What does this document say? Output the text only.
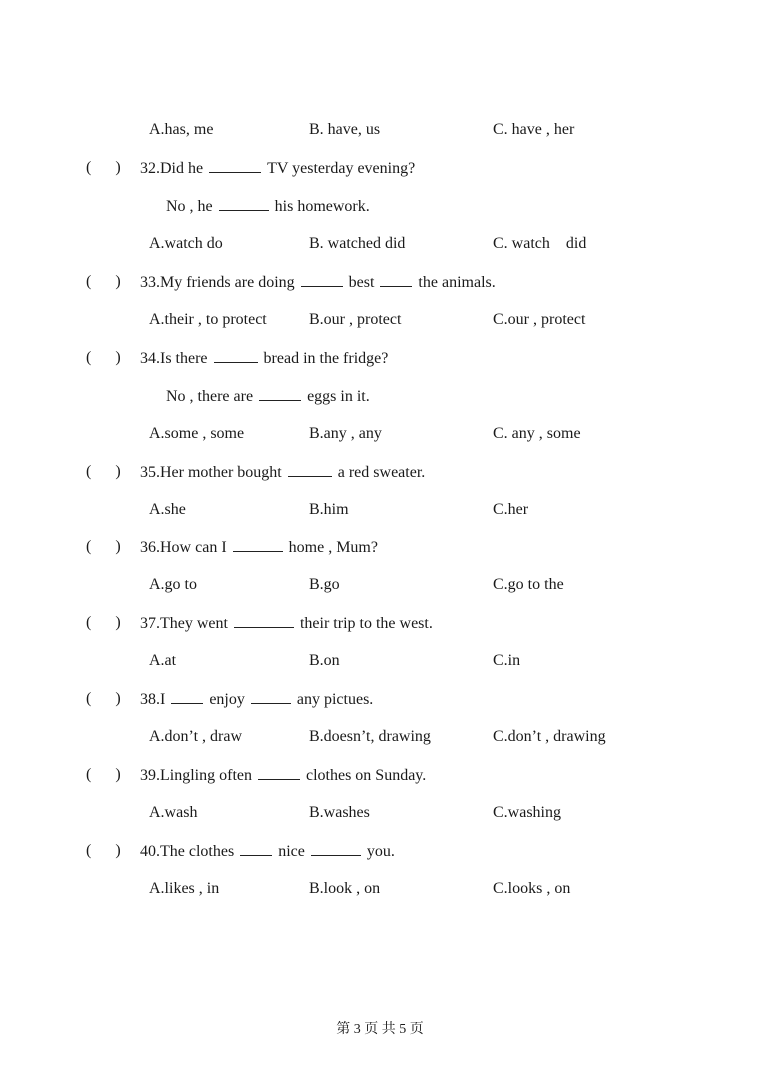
A.has, me	B. have, us	C. have , her
(      ) 32.Did he	TV yesterday evening?
No , he	his homework.
A.watch do	B. watched did	C. watch    did
(      ) 33.My friends are doing	best	the animals.
A.their , to protect	B.our , protect	C.our , protect
(      ) 34.Is there	bread in the fridge?
No , there are	eggs in it.
A.some , some	B.any , any	C. any , some
(      ) 35.Her mother bought	a red sweater.
A.she	B.him	C.her
(      ) 36.How can I	home , Mum?
A.go to	B.go	C.go to the
(      ) 37.They went	their trip to the west.
A.at	B.on	C.in
(      ) 38.I	enjoy	any pictues.
A.don’t , draw	B.doesn’t, drawing	C.don’t , drawing
(      ) 39.Lingling often	clothes on Sunday.
A.wash	B.washes	C.washing
(      ) 40.The clothes	nice	you.
A.likes , in	B.look , on	C.looks , on
第 3 页 共 5 页
